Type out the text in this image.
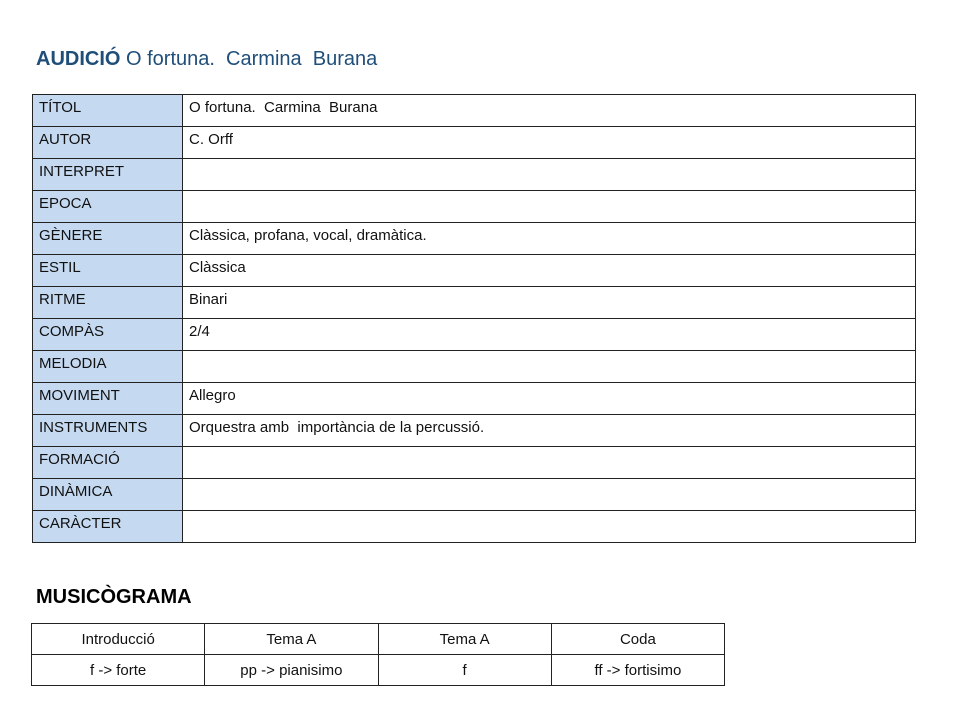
AUDICIÓ O fortuna.  Carmina  Burana
TÍTOL	O fortuna.  Carmina  Burana
AUTOR	C. Orff
INTERPRET	
EPOCA	
GÈNERE	Clàssica, profana, vocal, dramàtica.
ESTIL	Clàssica
RITME	Binari
COMPÀS	2/4
MELODIA	
MOVIMENT	Allegro
INSTRUMENTS	Orquestra amb  importància de la percussió.
FORMACIÓ	
DINÀMICA	
CARÀCTER	
MUSICÒGRAMA
Introducció	Tema A	Tema A	Coda
f -> forte	pp -> pianisimo	f	ff -> fortisimo
